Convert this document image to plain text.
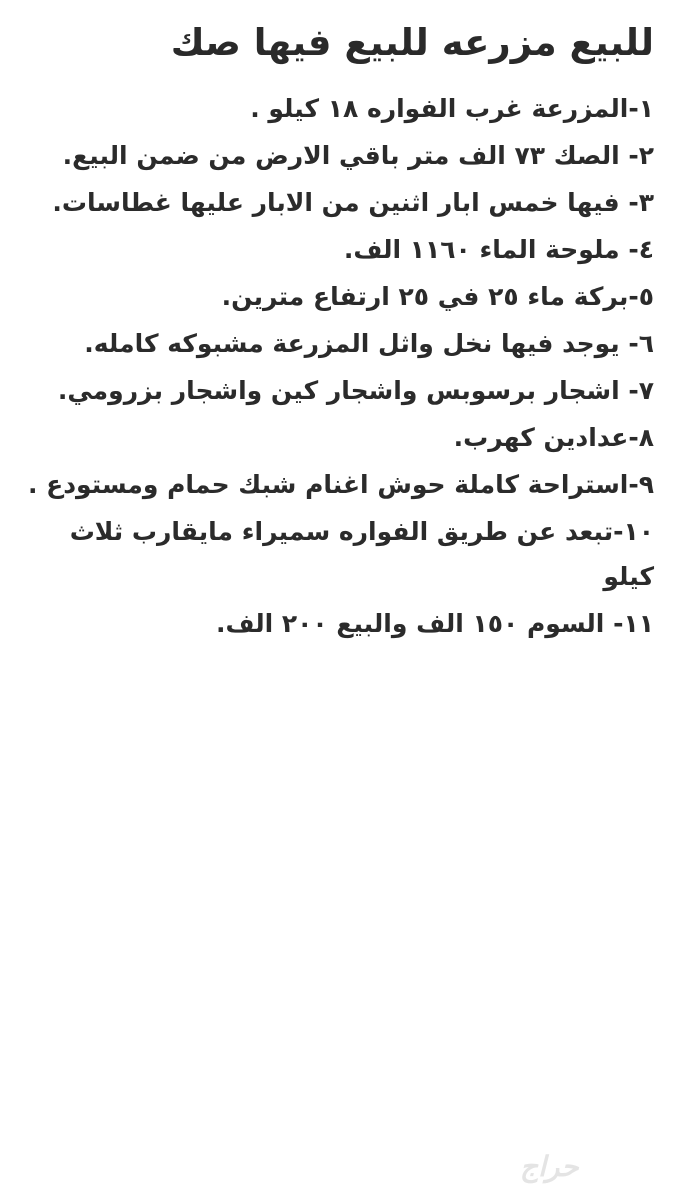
للبيع مزرعه للبيع فيها صك
١-المزرعة غرب الفواره ١٨ كيلو .
٢- الصك ٧٣ الف متر باقي الارض من ضمن البيع.
٣- فيها خمس ابار اثنين من الابار عليها غطاسات.
٤- ملوحة الماء ١١٦٠ الف.
٥-بركة ماء ٢٥ في ٢٥ ارتفاع مترين.
٦- يوجد فيها نخل واثل المزرعة مشبوكه كامله.
٧- اشجار برسوبس واشجار كين واشجار بزرومي.
٨-عدادين كهرب.
٩-استراحة كاملة حوش اغنام شبك حمام ومستودع .
١٠-تبعد عن طريق الفواره سميراء مايقارب ثلاث كيلو
١١- السوم ١٥٠ الف والبيع ٢٠٠ الف.
حراج
